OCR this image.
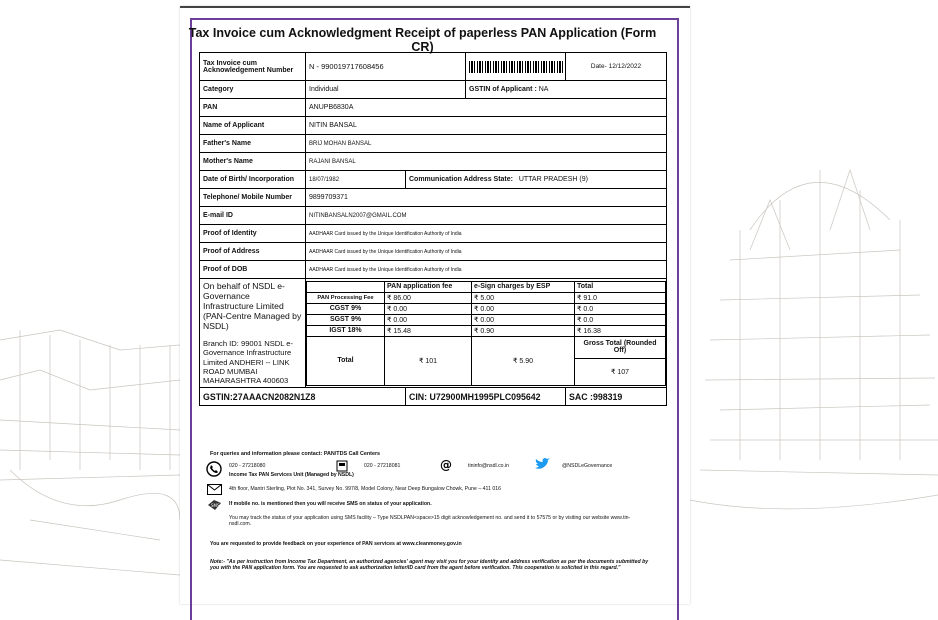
Tax Invoice cum Acknowledgment Receipt of paperless PAN Application (Form CR)
Tax Invoice cum Acknowledgement Number	N - 990019717608456		Date- 12/12/2022
Category	Individual	GSTIN of Applicant : NA
PAN	ANUPB6830A
Name of Applicant	NITIN BANSAL
Father's Name	BRIJ MOHAN BANSAL
Mother's Name	RAJANI BANSAL
Date of Birth/ Incorporation	18/07/1982	Communication Address State: UTTAR PRADESH (9)
Telephone/ Mobile Number	9899709371
E-mail ID	NITINBANSALN2007@GMAIL.COM
Proof of Identity	AADHAAR Card issued by the Unique Identification Authority of India
Proof of Address	AADHAAR Card issued by the Unique Identification Authority of India
Proof of DOB	AADHAAR Card issued by the Unique Identification Authority of India

On behalf of NSDL e-Governance Infrastructure Limited (PAN-Centre Managed by NSDL)
Branch ID: 99001 NSDL e-Governance Infrastructure Limited ANDHERI -- LINK ROAD MUMBAI MAHARASHTRA 400603

	PAN application fee	e-Sign charges by ESP	Total
PAN Processing Fee	₹ 86.00	₹ 5.00	₹ 91.0
CGST 9%	₹ 0.00	₹ 0.00	₹ 0.0
SGST 9%	₹ 0.00	₹ 0.00	₹ 0.0
IGST 18%	₹ 15.48	₹ 0.90	₹ 16.38
Total	₹ 101	₹ 5.90	Gross Total (Rounded Off)
₹ 107

GSTIN:27AAACN2082N1Z8	CIN: U72900MH1995PLC095642	SAC :998319
For queries and information please contact: PAN/TDS Call Centers
020 - 27218080	020 - 27218081	@	tininfo@nsdl.co.in	@NSDLeGovernance
Income Tax PAN Services Unit (Managed by NSDL)
4th floor, Mantri Sterling, Plot No. 341, Survey No. 997/8, Model Colony, Near Deep Bungalow Chowk, Pune – 411 016
SMS If mobile no. is mentioned then you will receive SMS on status of your application.
You may track the status of your application using SMS facility – Type NSDLPAN<space>15 digit acknowledgement no. and send it to 57575 or by visiting our website www.tin-nsdl.com.
You are requested to provide feedback on your experience of PAN services at www.cleanmoney.gov.in
Note:- "As per instruction from Income Tax Department, an authorized agencies' agent may visit you for your identity and address verification as per the documents submitted by you with the PAN application form. You are requested to ask authorization letter/ID card from the agent before verification. This cooperation is solicited in this regard."
